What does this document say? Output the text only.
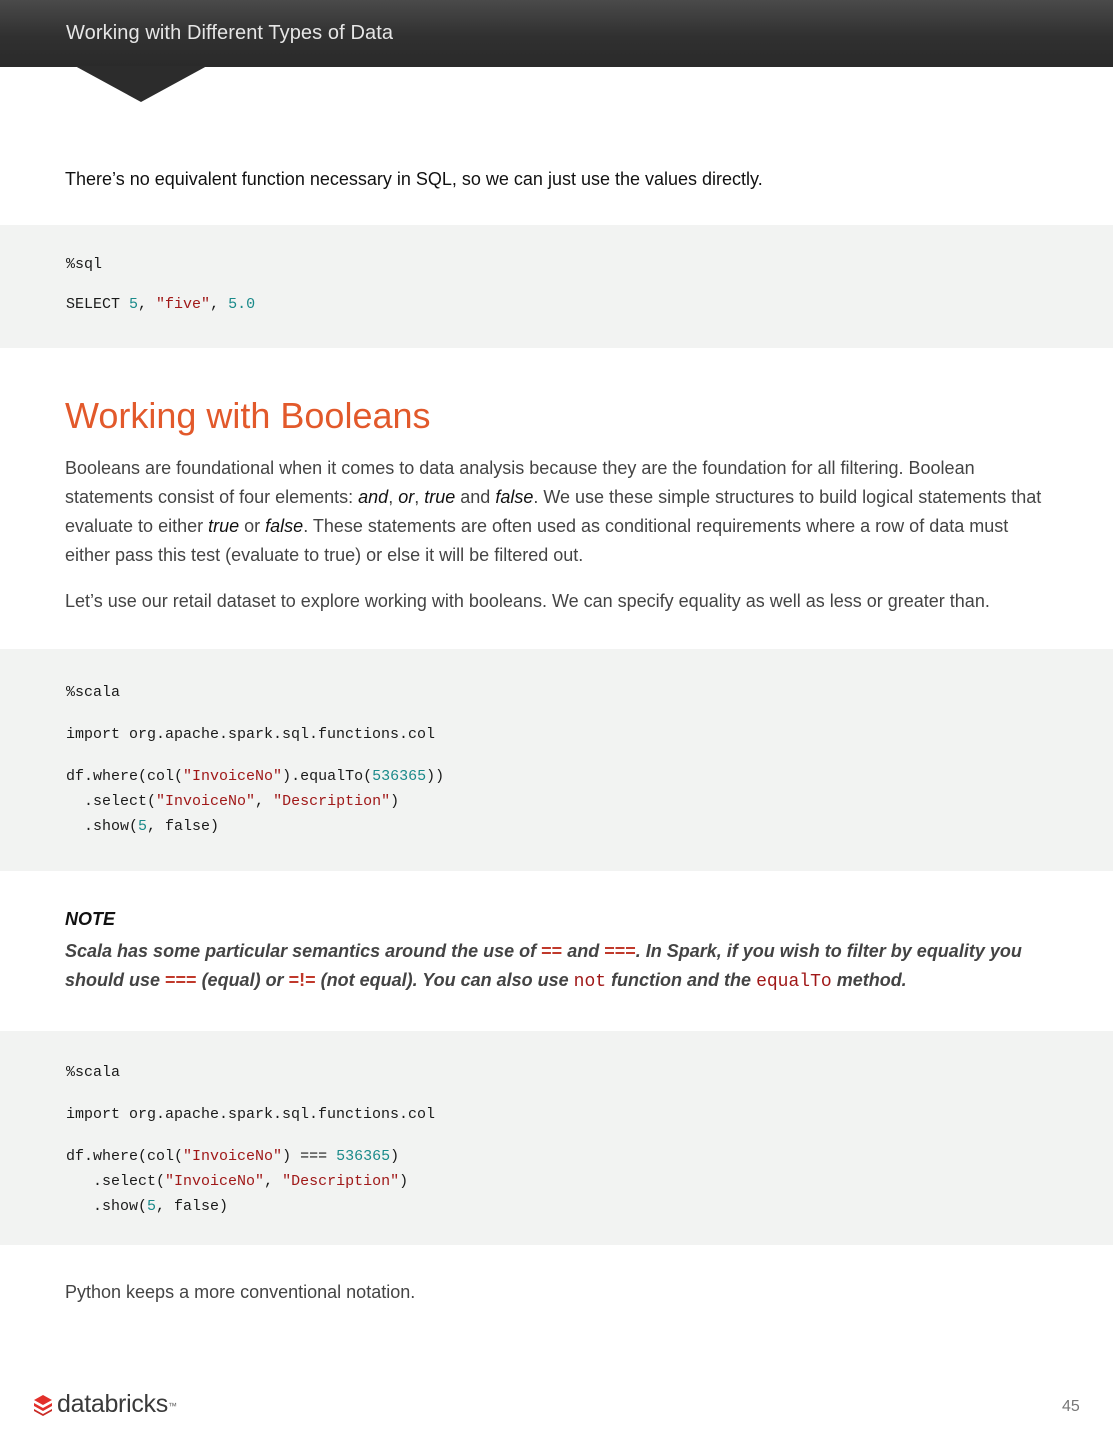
Working with Different Types of Data
There’s no equivalent function necessary in SQL, so we can just use the values directly.
%sql

SELECT 5, "five", 5.0
Working with Booleans
Booleans are foundational when it comes to data analysis because they are the foundation for all filtering. Boolean statements consist of four elements: and, or, true and false. We use these simple structures to build logical statements that evaluate to either true or false. These statements are often used as conditional requirements where a row of data must either pass this test (evaluate to true) or else it will be filtered out.
Let’s use our retail dataset to explore working with booleans. We can specify equality as well as less or greater than.
%scala

import org.apache.spark.sql.functions.col

df.where(col("InvoiceNo").equalTo(536365))
.select("InvoiceNo", "Description")
.show(5, false)
NOTE
Scala has some particular semantics around the use of == and ===. In Spark, if you wish to filter by equality you should use === (equal) or =!= (not equal). You can also use not function and the equalTo method.
%scala

import org.apache.spark.sql.functions.col

df.where(col("InvoiceNo") === 536365)
.select("InvoiceNo", "Description")
.show(5, false)
Python keeps a more conventional notation.
databricks ™	45
